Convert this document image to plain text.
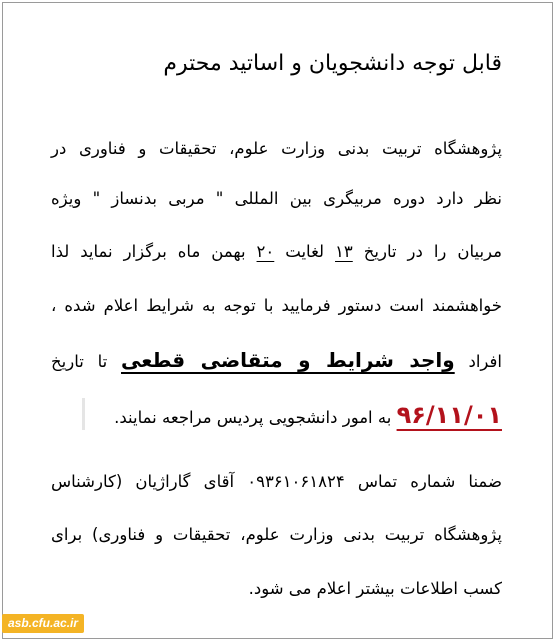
قابل توجه دانشجویان و اساتید محترم
پژوهشگاه تربیت بدنی وزارت علوم، تحقیقات و فناوری در
نظر دارد دوره مربیگری بین المللی " مربی بدنساز " ویژه
مربیان را در تاریخ ۱۳ لغایت ۲۰ بهمن ماه برگزار نماید لذا
خواهشمند است دستور فرمایید با توجه به شرایط اعلام شده ،
افراد واجد شرایط و متقاضی قطعی تا تاریخ
۹۶/۱۱/۰۱ به امور دانشجویی پردیس مراجعه نمایند.
ضمنا شماره تماس ۰۹۳۶۱۰۶۱۸۲۴ آقای گاراژیان (کارشناس
پژوهشگاه تربیت بدنی وزارت علوم، تحقیقات و فناوری) برای
کسب اطلاعات بیشتر اعلام می شود.
asb.cfu.ac.ir
